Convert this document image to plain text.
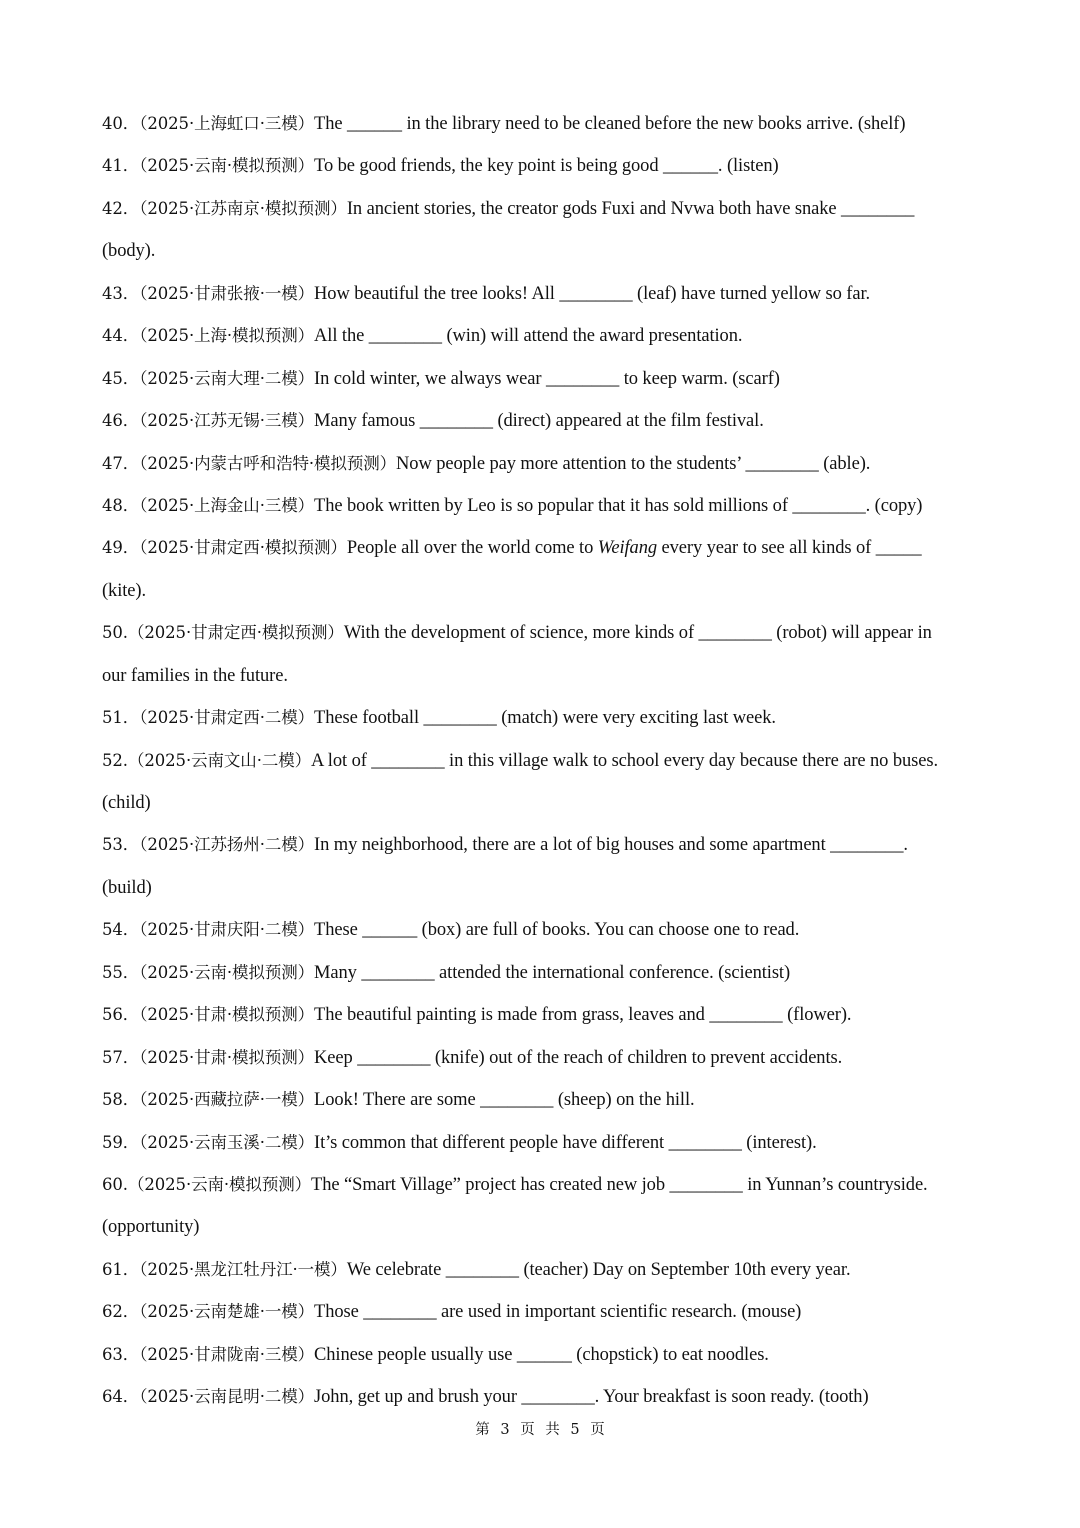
40．（2025·上海虹口·三模）The ______ in the library need to be cleaned before the new books arrive. (shelf)
41．（2025·云南·模拟预测）To be good friends, the key point is being good ______. (listen)
42．（2025·江苏南京·模拟预测）In ancient stories, the creator gods Fuxi and Nvwa both have snake ________
(body).
43．（2025·甘肃张掖·一模）How beautiful the tree looks! All ________ (leaf) have turned yellow so far.
44．（2025·上海·模拟预测）All the ________ (win) will attend the award presentation.
45．（2025·云南大理·二模）In cold winter, we always wear ________ to keep warm. (scarf)
46．（2025·江苏无锡·三模）Many famous ________ (direct) appeared at the film festival.
47．（2025·内蒙古呼和浩特·模拟预测）Now people pay more attention to the students’ ________ (able).
48．（2025·上海金山·三模）The book written by Leo is so popular that it has sold millions of ________. (copy)
49．（2025·甘肃定西·模拟预测）People all over the world come to Weifang every year to see all kinds of _____
(kite).
50.（2025·甘肃定西·模拟预测）With the development of science, more kinds of ________ (robot) will appear in
our families in the future.
51．（2025·甘肃定西·二模）These football ________ (match) were very exciting last week.
52.（2025·云南文山·二模）A lot of ________ in this village walk to school every day because there are no buses.
(child)
53．（2025·江苏扬州·二模）In my neighborhood, there are a lot of big houses and some apartment ________.
(build)
54．（2025·甘肃庆阳·二模）These ______ (box) are full of books. You can choose one to read.
55．（2025·云南·模拟预测）Many ________ attended the international conference. (scientist)
56．（2025·甘肃·模拟预测）The beautiful painting is made from grass, leaves and ________ (flower).
57．（2025·甘肃·模拟预测）Keep ________ (knife) out of the reach of children to prevent accidents.
58．（2025·西藏拉萨·一模）Look! There are some ________ (sheep) on the hill.
59．（2025·云南玉溪·二模）It’s common that different people have different ________ (interest).
60.（2025·云南·模拟预测）The “Smart Village” project has created new job ________ in Yunnan’s countryside.
(opportunity)
61．（2025·黑龙江牡丹江·一模）We celebrate ________ (teacher) Day on September 10th every year.
62．（2025·云南楚雄·一模）Those ________ are used in important scientific research. (mouse)
63．（2025·甘肃陇南·三模）Chinese people usually use ______ (chopstick) to eat noodles.
64．（2025·云南昆明·二模）John, get up and brush your ________. Your breakfast is soon ready. (tooth)
第 3 页 共 5 页
